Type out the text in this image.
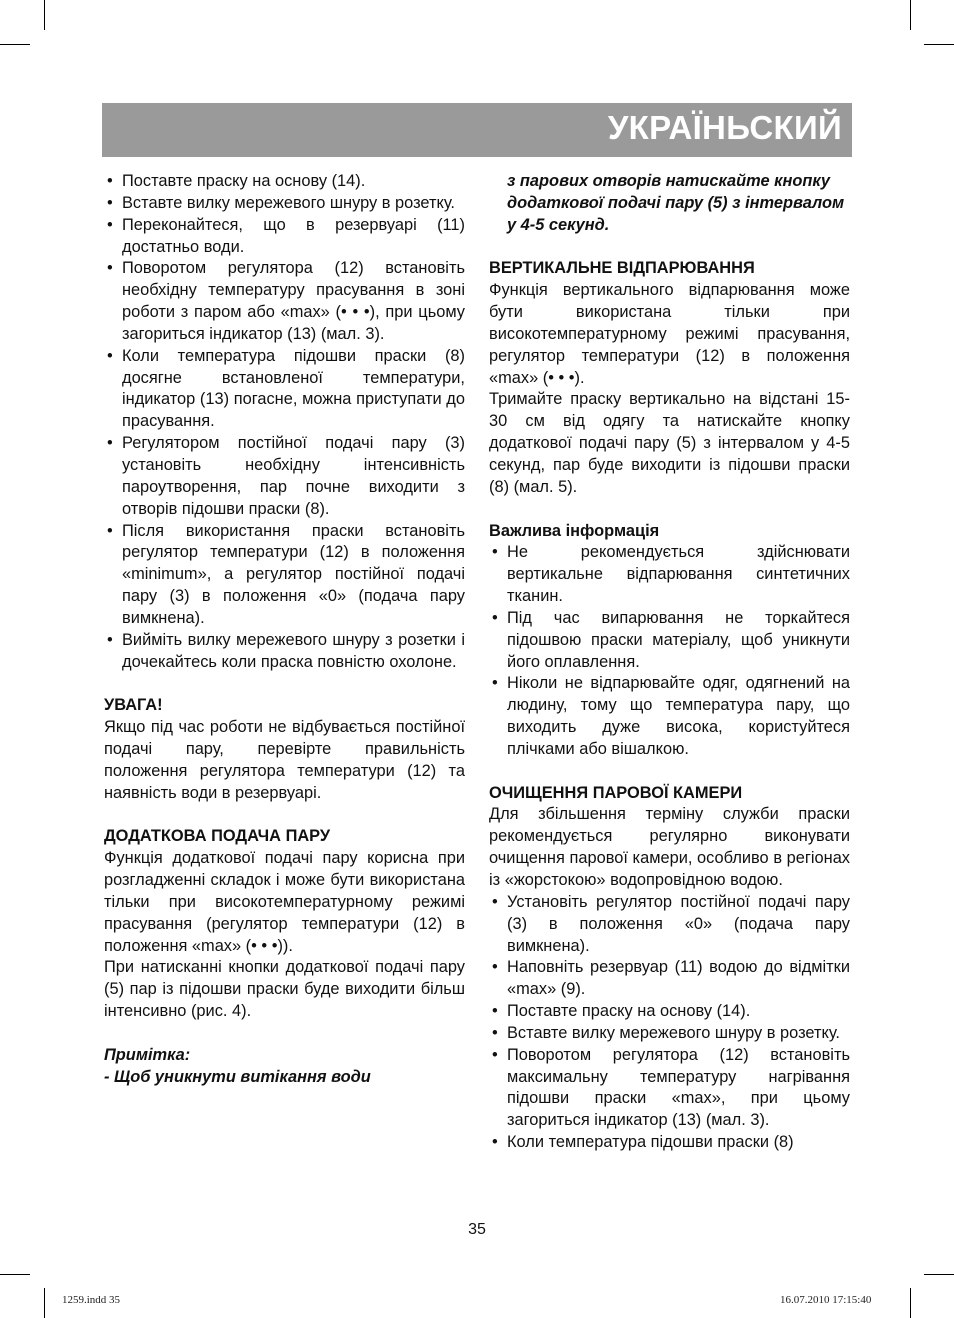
УКРАЇНЬСКИЙ
• Поставте праску на основу (14).
• Вставте вилку мережевого шнуру в розетку.
• Переконайтеся, що в резервуарі (11) достатньо води.
• Поворотом регулятора (12) встановіть необхідну температуру прасування в зоні роботи з паром або «max» (• • •), при цьому загориться індикатор (13) (мал. 3).
• Коли температура підошви праски (8) досягне встановленої температури, індикатор (13) погасне, можна приступати до прасування.
• Регулятором постійної подачі пару (3) установіть необхідну інтенсивність пароутворення, пар почне виходити з отворів підошви праски (8).
• Після використання праски встановіть регулятор температури (12) в положення «minimum», а регулятор постійної подачі пару (3) в положення «0» (подача пару вимкнена).
• Вийміть вилку мережевого шнуру з розетки і дочекайтесь коли праска повністю охолоне.

УВАГА!

Якщо під час роботи не відбувається постійної подачі пару, перевірте правильність положення регулятора температури (12) та наявність води в резервуарі.

ДОДАТКОВА ПОДАЧА ПАРУ

Функція додаткової подачі пару корисна при розгладженні складок і може бути використана тільки при високотемпературному режимі прасування (регулятор температури (12) в положення «max» (• • •)).

При натисканні кнопки додаткової подачі пару (5) пар із підошви праски буде виходити більш інтенсивно (рис. 4).

Примітка:

- Щоб уникнути витікання води

з парових отворів натискайте кнопку додаткової подачі пару (5) з інтервалом у 4-5 секунд.

ВЕРТИКАЛЬНЕ ВІДПАРЮВАННЯ

Функція вертикального відпарювання може бути використана тільки при високотемпературному режимі прасування, регулятор температури (12) в положення «max» (• • •).

Тримайте праску вертикально на відстані 15-30 см від одягу та натискайте кнопку додаткової подачі пару (5) з інтервалом у 4-5 секунд, пар буде виходити із підошви праски (8) (мал. 5).

Важлива інформація

• Не рекомендується здійснювати вертикальне відпарювання синтетичних тканин.
• Під час випарювання не торкайтеся підошвою праски матеріалу, щоб уникнути його оплавлення.
• Ніколи не відпарювайте одяг, одягнений на людину, тому що температура пару, що виходить дуже висока, користуйтеся плічками або вішалкою.

ОЧИЩЕННЯ ПАРОВОЇ КАМЕРИ

Для збільшення терміну служби праски рекомендується регулярно виконувати очищення парової камери, особливо в регіонах із «жорстокою» водопровідною водою.

• Установіть регулятор постійної подачі пару (3) в положення «0» (подача пару вимкнена).
• Наповніть резервуар (11) водою до відмітки «max» (9).
• Поставте праску на основу (14).
• Вставте вилку мережевого шнуру в розетку.
• Поворотом регулятора (12) встановіть максимальну температуру нагрівання підошви праски «max», при цьому загориться індикатор (13) (мал. 3).
• Коли температура підошви праски (8)
35
1259.indd 35	16.07.2010 17:15:40
